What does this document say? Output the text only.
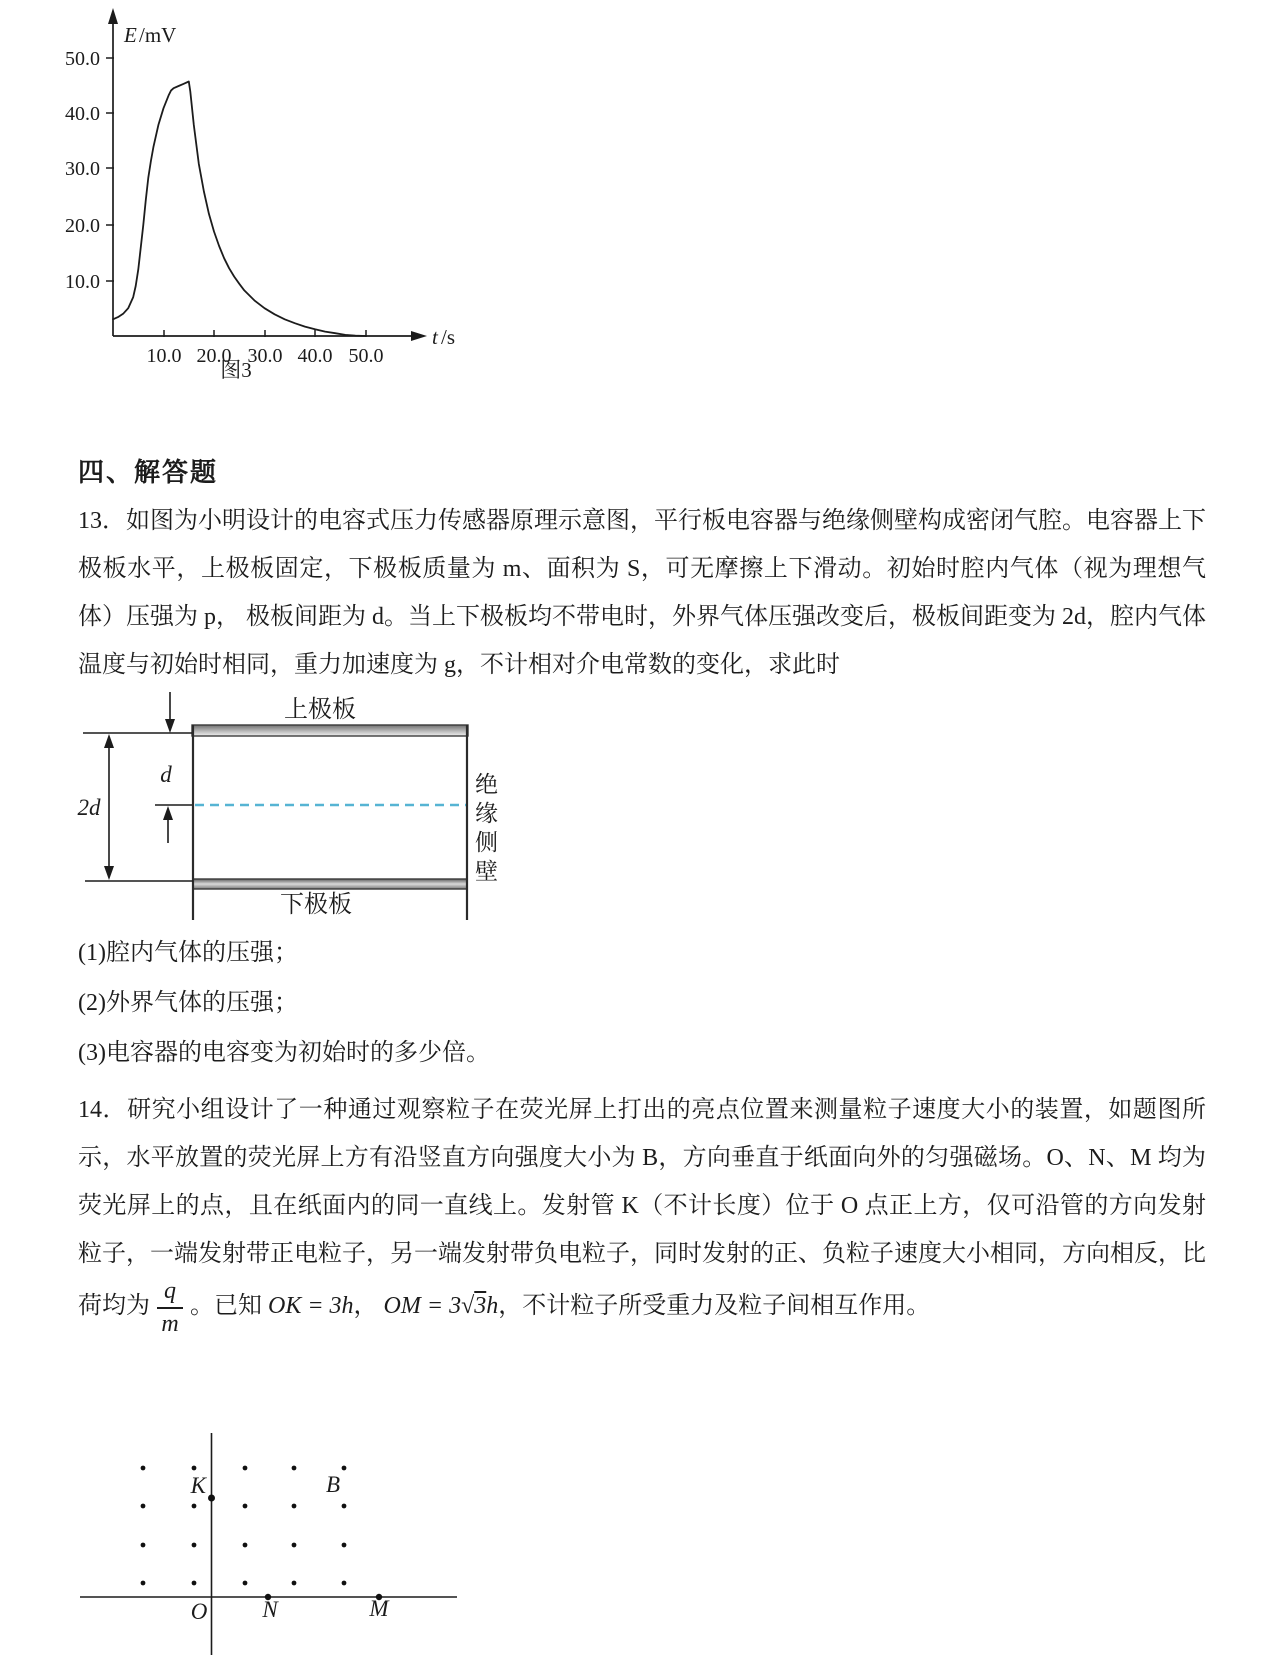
50.0
40.0
30.0
20.0
10.0
10.0 20.0 30.0 40.0 50.0
E /mV
t /s
图3
四、解答题
13．如图为小明设计的电容式压力传感器原理示意图，平行板电容器与绝缘侧壁构成密闭气腔。电容器上下极板水平，上极板固定，下极板质量为 m、面积为 S，可无摩擦上下滑动。初始时腔内气体（视为理想气体）压强为 p， 极板间距为 d。当上下极板均不带电时，外界气体压强改变后，极板间距变为 2d，腔内气体温度与初始时相同，重力加速度为 g，不计相对介电常数的变化，求此时
上极板
下极板
2d
d	绝缘侧壁
(1)腔内气体的压强；
(2)外界气体的压强；
(3)电容器的电容变为初始时的多少倍。
14．研究小组设计了一种通过观察粒子在荧光屏上打出的亮点位置来测量粒子速度大小的装置，如题图所示，水平放置的荧光屏上方有沿竖直方向强度大小为 B，方向垂直于纸面向外的匀强磁场。O、N、M 均为荧光屏上的点，且在纸面内的同一直线上。发射管 K（不计长度）位于 O 点正上方，仅可沿管的方向发射粒子，一端发射带正电粒子，另一端发射带负电粒子，同时发射的正、负粒子速度大小相同，方向相反，比荷均为 $\frac{q}{m}$ 。已知 OK = 3h， OM = 3√3h，不计粒子所受重力及粒子间相互作用。
K	B
O N	M
